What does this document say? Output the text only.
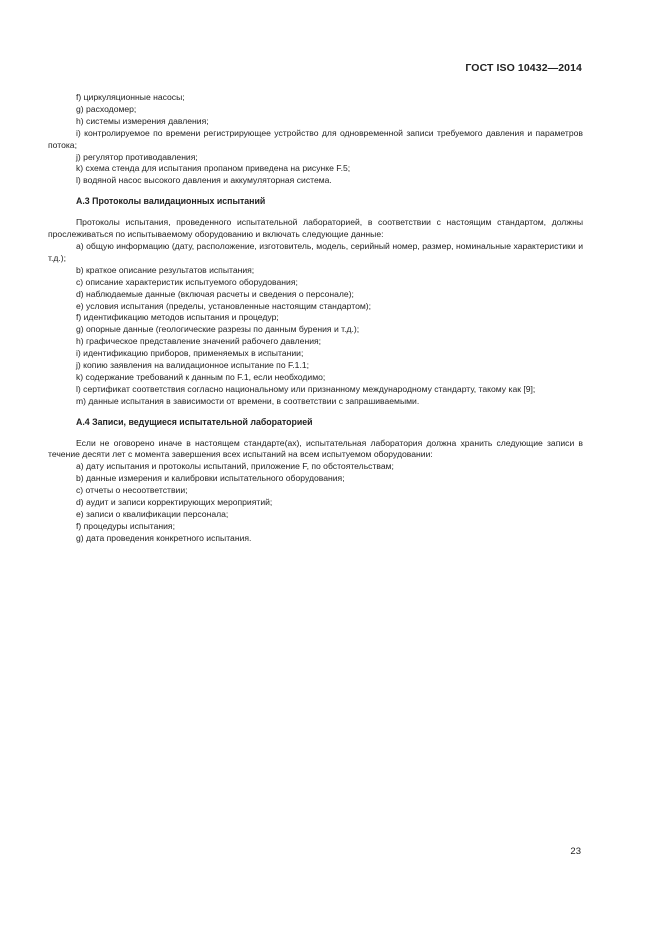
ГОСТ ISO 10432—2014

f) циркуляционные насосы;

g) расходомер;

h) системы измерения давления;

i) контролируемое по времени регистрирующее устройство для одновременной записи требуемого давления и параметров потока;

j) регулятор противодавления;

k) схема стенда для испытания пропаном приведена на рисунке F.5;

l) водяной насос высокого давления и аккумуляторная система.

А.3 Протоколы валидационных испытаний

Протоколы испытания, проведенного испытательной лабораторией, в соответствии с настоящим стандартом, должны прослеживаться по испытываемому оборудованию и включать следующие данные:

a) общую информацию (дату, расположение, изготовитель, модель, серийный номер, размер, номинальные характеристики и т.д.);

b) краткое описание результатов испытания;

c) описание характеристик испытуемого оборудования;

d) наблюдаемые данные (включая расчеты и сведения о персонале);

e) условия испытания (пределы, установленные настоящим стандартом);

f) идентификацию методов испытания и процедур;

g) опорные данные (геологические разрезы по данным бурения и т.д.);

h) графическое представление значений рабочего давления;

i) идентификацию приборов, применяемых в испытании;

j) копию заявления на валидационное испытание по F.1.1;

k) содержание требований к данным по F.1, если необходимо;

l) сертификат соответствия согласно национальному или признанному международному стандарту, такому как [9];

m) данные испытания в зависимости от времени, в соответствии с запрашиваемыми.

А.4 Записи, ведущиеся испытательной лабораторией

Если не оговорено иначе в настоящем стандарте(ах), испытательная лаборатория должна хранить следующие записи в течение десяти лет с момента завершения всех испытаний на всем испытуемом оборудовании:

a) дату испытания и протоколы испытаний, приложение F, по обстоятельствам;

b) данные измерения и калибровки испытательного оборудования;

c) отчеты о несоответствии;

d) аудит и записи корректирующих мероприятий;

e) записи о квалификации персонала;

f) процедуры испытания;

g) дата проведения конкретного испытания.

23
